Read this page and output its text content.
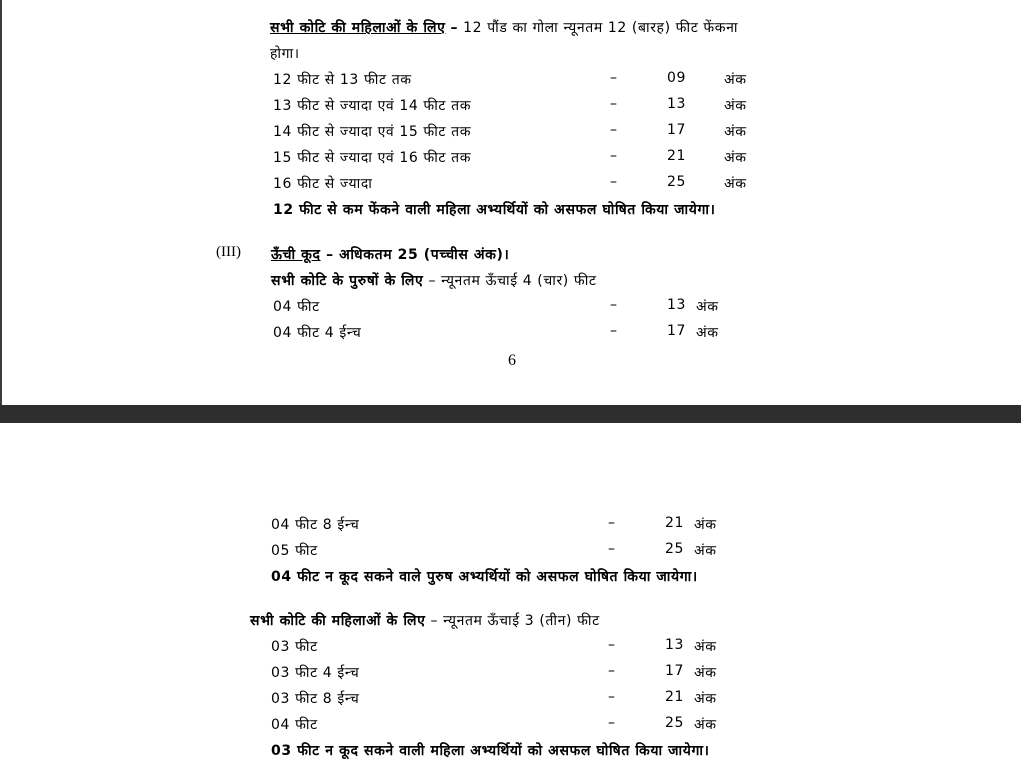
सभी कोटि की महिलाओं के लिए – 12 पौंड का गोला न्यूनतम 12 (बारह) फीट फेंकना
होगा।
12 फीट से 13 फीट तक	–	09	अंक
13 फीट से ज्यादा एवं 14 फीट तक	–	13	अंक
14 फीट से ज्यादा एवं 15 फीट तक	–	17	अंक
15 फीट से ज्यादा एवं 16 फीट तक	–	21	अंक
16 फीट से ज्यादा	–	25	अंक
12 फीट से कम फेंकने वाली महिला अभ्यर्थियों को असफल घोषित किया जायेगा।
(III) ऊँची कूद – अधिकतम 25 (पच्चीस अंक)।
सभी कोटि के पुरुषों के लिए – न्यूनतम ऊँचाई 4 (चार) फीट
04 फीट	–	13 अंक
04 फीट 4 ईन्च	–	17 अंक
6
04 फीट 8 ईन्च	–	21 अंक
05 फीट	–	25 अंक
04 फीट न कूद सकने वाले पुरुष अभ्यर्थियों को असफल घोषित किया जायेगा।
सभी कोटि की महिलाओं के लिए – न्यूनतम ऊँचाई 3 (तीन) फीट
03 फीट	–	13 अंक
03 फीट 4 ईन्च	–	17 अंक
03 फीट 8 ईन्च	–	21 अंक
04 फीट	–	25 अंक
03 फीट न कूद सकने वाली महिला अभ्यर्थियों को असफल घोषित किया जायेगा।
